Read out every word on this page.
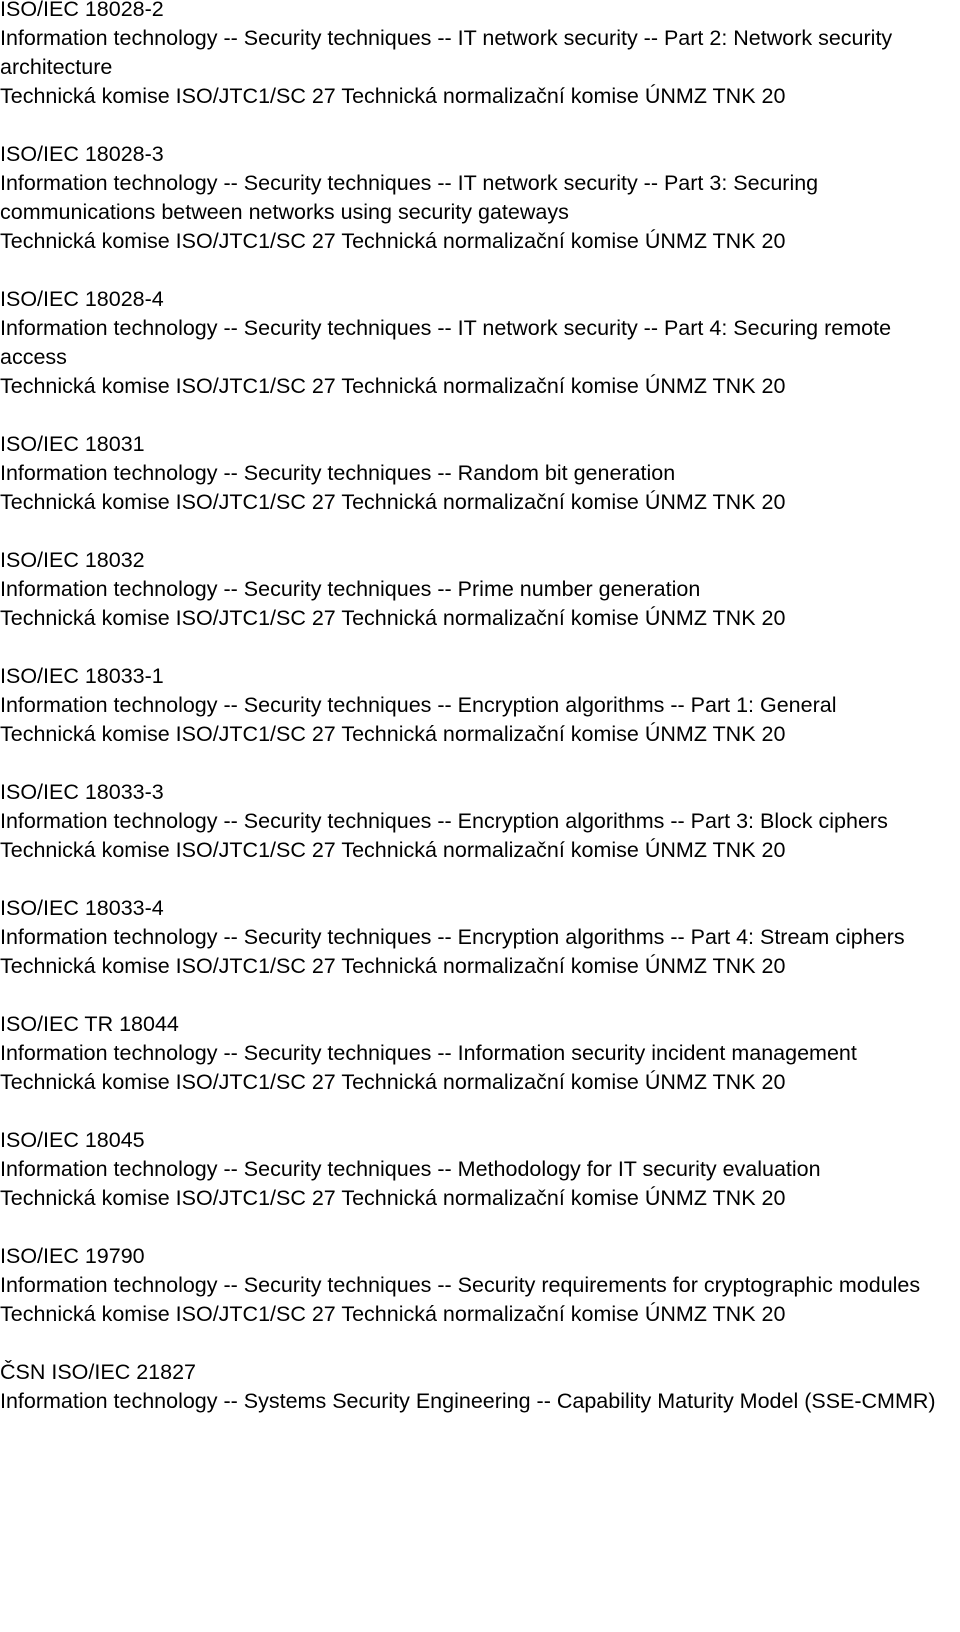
ISO/IEC 18028-2

Information technology -- Security techniques -- IT network security -- Part 2: Network security architecture

Technická komise ISO/JTC1/SC 27 Technická normalizační komise ÚNMZ TNK 20

ISO/IEC 18028-3

Information technology -- Security techniques -- IT network security -- Part 3: Securing communications between networks using security gateways

Technická komise ISO/JTC1/SC 27 Technická normalizační komise ÚNMZ TNK 20

ISO/IEC 18028-4

Information technology -- Security techniques -- IT network security -- Part 4: Securing remote access

Technická komise ISO/JTC1/SC 27 Technická normalizační komise ÚNMZ TNK 20

ISO/IEC 18031

Information technology -- Security techniques -- Random bit generation

Technická komise ISO/JTC1/SC 27 Technická normalizační komise ÚNMZ TNK 20

ISO/IEC 18032

Information technology -- Security techniques -- Prime number generation

Technická komise ISO/JTC1/SC 27 Technická normalizační komise ÚNMZ TNK 20

ISO/IEC 18033-1

Information technology -- Security techniques -- Encryption algorithms -- Part 1: General

Technická komise ISO/JTC1/SC 27 Technická normalizační komise ÚNMZ TNK 20

ISO/IEC 18033-3

Information technology -- Security techniques -- Encryption algorithms -- Part 3: Block ciphers

Technická komise ISO/JTC1/SC 27 Technická normalizační komise ÚNMZ TNK 20

ISO/IEC 18033-4

Information technology -- Security techniques -- Encryption algorithms -- Part 4: Stream ciphers

Technická komise ISO/JTC1/SC 27 Technická normalizační komise ÚNMZ TNK 20

ISO/IEC TR 18044

Information technology -- Security techniques -- Information security incident management

Technická komise ISO/JTC1/SC 27 Technická normalizační komise ÚNMZ TNK 20

ISO/IEC 18045

Information technology -- Security techniques -- Methodology for IT security evaluation

Technická komise ISO/JTC1/SC 27 Technická normalizační komise ÚNMZ TNK 20

ISO/IEC 19790

Information technology -- Security techniques -- Security requirements for cryptographic modules

Technická komise ISO/JTC1/SC 27 Technická normalizační komise ÚNMZ TNK 20

ČSN ISO/IEC 21827

Information technology -- Systems Security Engineering -- Capability Maturity Model (SSE-CMMR)
